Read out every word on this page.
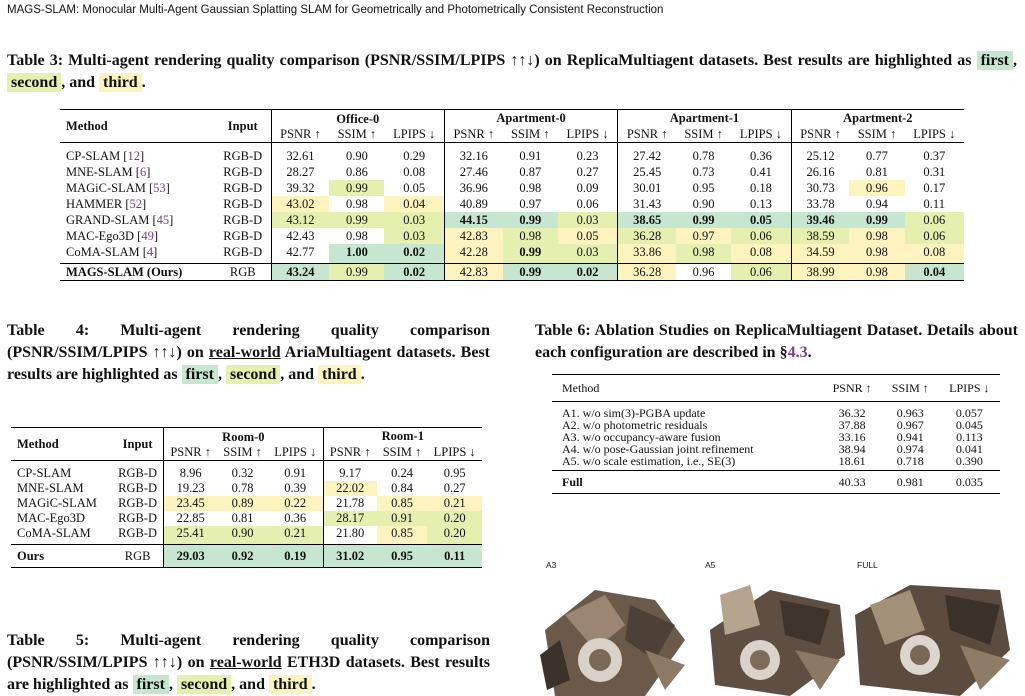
MAGS-SLAM: Monocular Multi-Agent Gaussian Splatting SLAM for Geometrically and Photometrically Consistent Reconstruction

Table 3: Multi-agent rendering quality comparison (PSNR/SSIM/LPIPS ↑↑↓) on ReplicaMultiagent datasets. Best results are highlighted as first , second , and third .

Method	Input	Office-0			Apartment-0			Apartment-1			Apartment-2		
		PSNR ↑	SSIM ↑	LPIPS ↓	PSNR ↑	SSIM ↑	LPIPS ↓	PSNR ↑	SSIM ↑	LPIPS ↓	PSNR ↑	SSIM ↑	LPIPS ↓
CP-SLAM [12]	RGB-D	32.61	0.90	0.29	32.16	0.91	0.23	27.42	0.78	0.36	25.12	0.77	0.37
MNE-SLAM [6]	RGB-D	28.27	0.86	0.08	27.46	0.87	0.27	25.45	0.73	0.41	26.16	0.81	0.31
MAGiC-SLAM [53]	RGB-D	39.32	0.99	0.05	36.96	0.98	0.09	30.01	0.95	0.18	30.73	0.96	0.17
HAMMER [52]	RGB-D	43.02	0.98	0.04	40.89	0.97	0.06	31.43	0.90	0.13	33.78	0.94	0.11
GRAND-SLAM [45]	RGB-D	43.12	0.99	0.03	44.15	0.99	0.03	38.65	0.99	0.05	39.46	0.99	0.06
MAC-Ego3D [49]	RGB-D	42.43	0.98	0.03	42.83	0.98	0.05	36.28	0.97	0.06	38.59	0.98	0.06
CoMA-SLAM [4]	RGB-D	42.77	1.00	0.02	42.28	0.99	0.03	33.86	0.98	0.08	34.59	0.98	0.08
MAGS-SLAM (Ours)	RGB	43.24	0.99	0.02	42.83	0.99	0.02	36.28	0.96	0.06	38.99	0.98	0.04

Table 4: Multi-agent rendering quality comparison (PSNR/SSIM/LPIPS ↑↑↓) on real-world AriaMultiagent datasets. Best results are highlighted as first , second , and third .

Method	Input	Room-0			Room-1		
		PSNR ↑	SSIM ↑	LPIPS ↓	PSNR ↑	SSIM ↑	LPIPS ↓
CP-SLAM	RGB-D	8.96	0.32	0.91	9.17	0.24	0.95
MNE-SLAM	RGB-D	19.23	0.78	0.39	22.02	0.84	0.27
MAGiC-SLAM	RGB-D	23.45	0.89	0.22	21.78	0.85	0.21
MAC-Ego3D	RGB-D	22.85	0.81	0.36	28.17	0.91	0.20
CoMA-SLAM	RGB-D	25.41	0.90	0.21	21.80	0.85	0.20
Ours	RGB	29.03	0.92	0.19	31.02	0.95	0.11

Table 5: Multi-agent rendering quality comparison (PSNR/SSIM/LPIPS ↑↑↓) on real-world ETH3D datasets. Best results are highlighted as first , second , and third .

Table 6: Ablation Studies on ReplicaMultiagent Dataset. Details about each configuration are described in §4.3.

Method	PSNR ↑	SSIM ↑	LPIPS ↓
A1. w/o sim(3)-PGBA update	36.32	0.963	0.057
A2. w/o photometric residuals	37.88	0.967	0.045
A3. w/o occupancy-aware fusion	33.16	0.941	0.113
A4. w/o pose-Gaussian joint refinement	38.94	0.974	0.041
A5. w/o scale estimation, i.e., SE(3)	18.61	0.718	0.390
Full	40.33	0.981	0.035
A3	A5	FULL
